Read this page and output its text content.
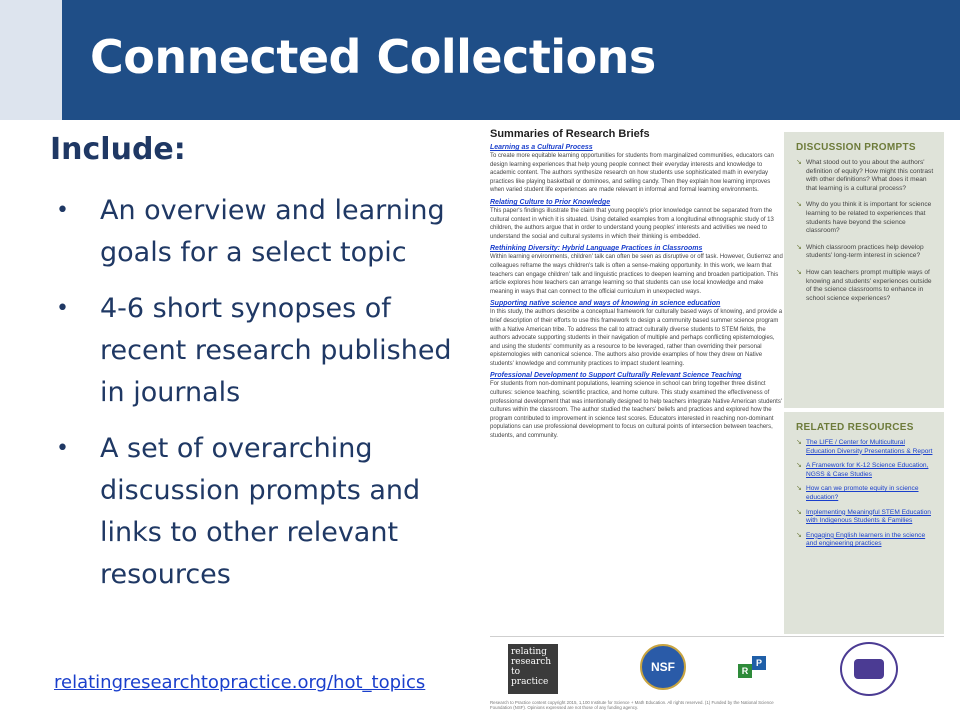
Connected Collections
Include:
• An overview and learning goals for a select topic
• 4-6 short synopses of recent research published in journals
• A set of overarching discussion prompts and links to other relevant resources
relatingresearchtopractice.org/hot_topics
Summaries of Research Briefs
Learning as a Cultural Process

To create more equitable learning opportunities for students from marginalized communities, educators can design learning experiences that help young people connect their everyday interests and knowledge to academic content. The authors synthesize research on how students use sophisticated math in everyday practices like playing basketball or dominoes, and selling candy. Then they explain how learning improves when varied student life experiences are made relevant in informal and formal learning environments.

Relating Culture to Prior Knowledge

This paper's findings illustrate the claim that young people's prior knowledge cannot be separated from the cultural context in which it is situated. Using detailed examples from a longitudinal ethnographic study of 13 children, the authors argue that in order to understand young peoples' interests and activities we need to understand the social and cultural systems in which their thinking is embedded.

Rethinking Diversity: Hybrid Language Practices in Classrooms

Within learning environments, children' talk can often be seen as disruptive or off task. However, Gutierrez and colleagues reframe the ways children's talk is often a sense-making opportunity. In this work, we learn that teachers can engage children' talk and linguistic practices to deepen learning and broaden participation. This article explores how teachers can arrange learning so that students can use local knowledge and make meaning in ways that can connect to the official curriculum in unexpected ways.

Supporting native science and ways of knowing in science education

In this study, the authors describe a conceptual framework for culturally based ways of knowing, and provide a brief description of their efforts to use this framework to design a community based summer science program with a Native American tribe. To address the call to attract culturally diverse students to STEM fields, the authors advocate supporting students in their navigation of multiple and perhaps conflicting epistemologies, and using the students' community as a resource to be leveraged, rather than overriding their personal epistemologies with canonical science. The authors also provide examples of how they drew on Native students' knowledge and community practices to impact student learning.

Professional Development to Support Culturally Relevant Science Teaching

For students from non-dominant populations, learning science in school can bring together three distinct cultures: science teaching, scientific practice, and home culture. This study examined the effectiveness of professional development that was intentionally designed to help teachers integrate Native American students' cultures within the classroom. The author studied the teachers' beliefs and practices and explored how the program contributed to improvement in science test scores. Educators interested in reaching non-dominant populations can use professional development to focus on cultural points of intersection between teachers, students, and community.

DISCUSSION PROMPTS
↘ What stood out to you about the authors' definition of equity? How might this contrast with other definitions? What does it mean that learning is a cultural process?
↘ Why do you think it is important for science learning to be related to experiences that students have beyond the science classroom?
↘ Which classroom practices help develop students' long-term interest in science?
↘ How can teachers prompt multiple ways of knowing and students' experiences outside of the science classrooms to enhance in school science experiences?
RELATED RESOURCES
↘ The LIFE / Center for Multicultural Education Diversity Presentations & Report
↘ A Framework for K-12 Science Education, NGSS & Case Studies
↘ How can we promote equity in science education?
↘ Implementing Meaningful STEM Education with Indigenous Students & Families
↘ Engaging English learners in the science and engineering practices
relating research to practice
NSF	R
P
Research to Practice content copyright 2015, 1,100 Institute for Science + Math Education. All rights reserved. (1) Funded by the National Science Foundation (NSF). Opinions expressed are not those of any funding agency.
